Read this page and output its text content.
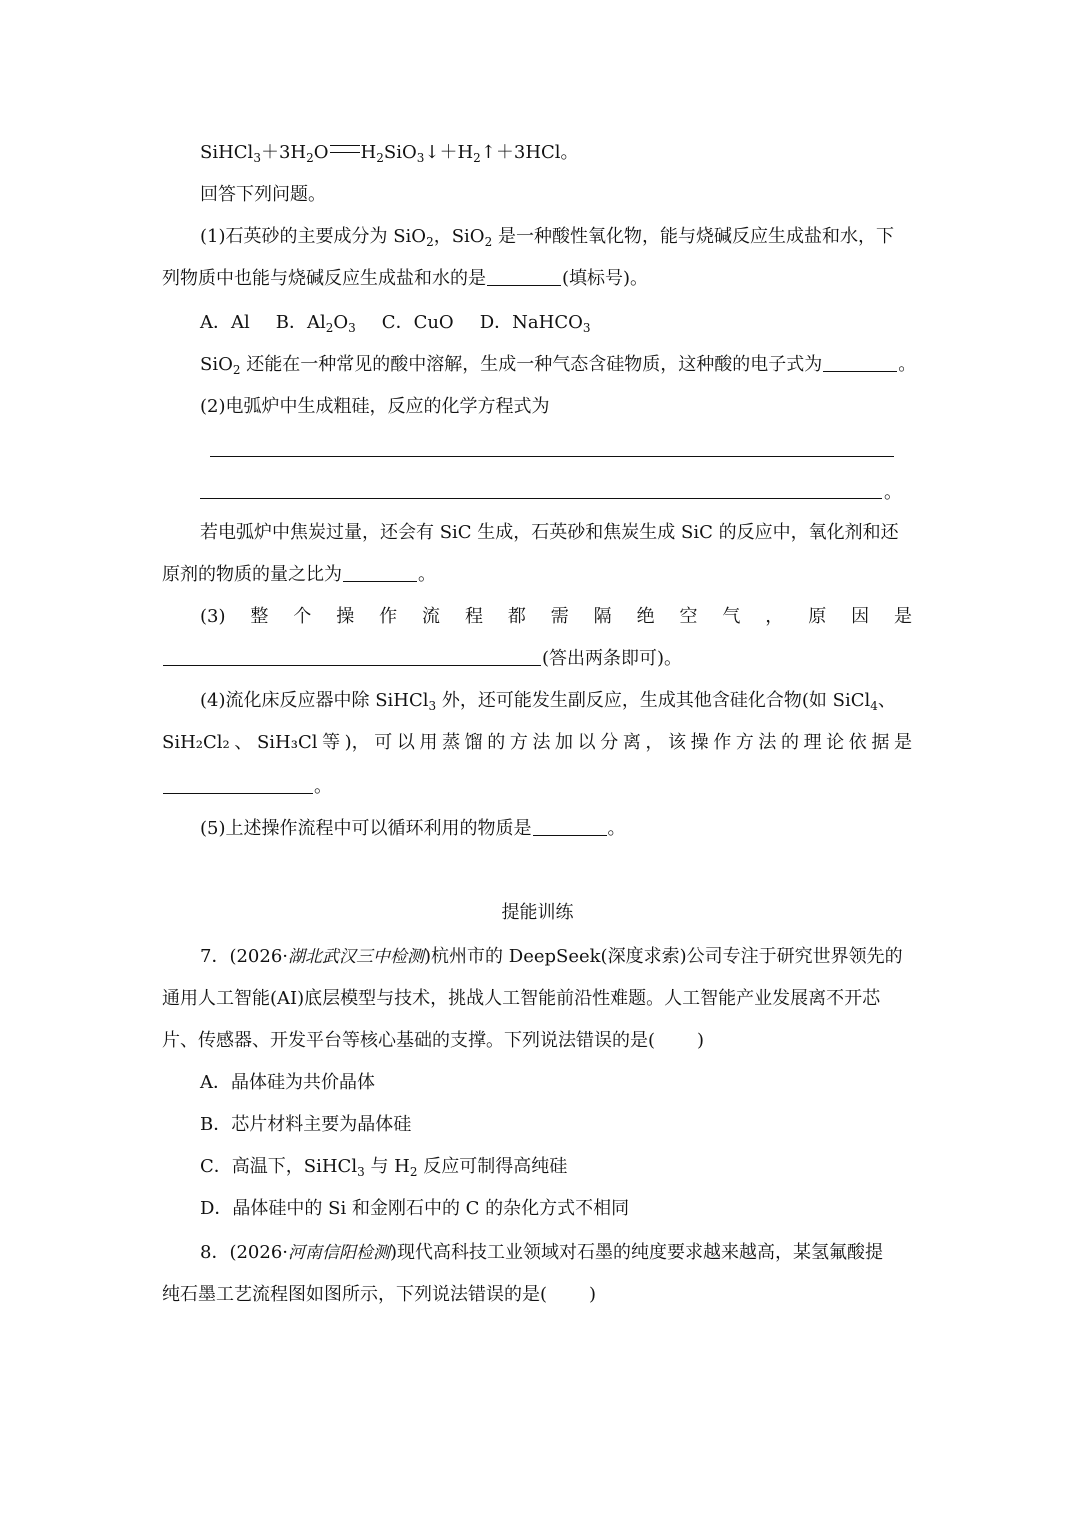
$SiHCl_3+3H_2O$ $H_2SiO_3↓+H_2↑+3HCl$。
回答下列问题。
(1)石英砂的主要成分为 SiO$_2$，SiO$_2$ 是一种酸性氧化物，能与烧碱反应生成盐和水，下
列物质中也能与烧碱反应生成盐和水的是	(填标号)。
A．Al B．$Al_2O_3$ C．CuO D．NaHCO$_3$
SiO$_2$ 还能在一种常见的酸中溶解，生成一种气态含硅物质，这种酸的电子式为	。
(2)电弧炉中生成粗硅，反应的化学方程式为
。
若电弧炉中焦炭过量，还会有 SiC 生成，石英砂和焦炭生成 SiC 的反应中，氧化剂和还
原剂的物质的量之比为	。
(3) 整 个 操 作 流 程 都 需 隔 绝 空 气 ， 原 因 是
(答出两条即可)。
(4)流化床反应器中除 SiHCl$_3$ 外，还可能发生副反应，生成其他含硅化合物(如 SiCl$_4$、
SiH₂Cl₂ 、 SiH₃Cl 等 )， 可 以 用 蒸 馏 的 方 法 加 以 分 离 ， 该 操 作 方 法 的 理 论 依 据 是
。
(5)上述操作流程中可以循环利用的物质是	。
提能训练
7．(2026·湖北武汉三中检测)杭州市的 DeepSeek(深度求索)公司专注于研究世界领先的
通用人工智能(AI)底层模型与技术，挑战人工智能前沿性难题。人工智能产业发展离不开芯
片、传感器、开发平台等核心基础的支撑。下列说法错误的是( )
A．晶体硅为共价晶体
B．芯片材料主要为晶体硅
C．高温下，SiHCl$_3$ 与 $H_2$ 反应可制得高纯硅
D．晶体硅中的 Si 和金刚石中的 C 的杂化方式不相同
8．(2026·河南信阳检测)现代高科技工业领域对石墨的纯度要求越来越高，某氢氟酸提
纯石墨工艺流程图如图所示，下列说法错误的是( )
